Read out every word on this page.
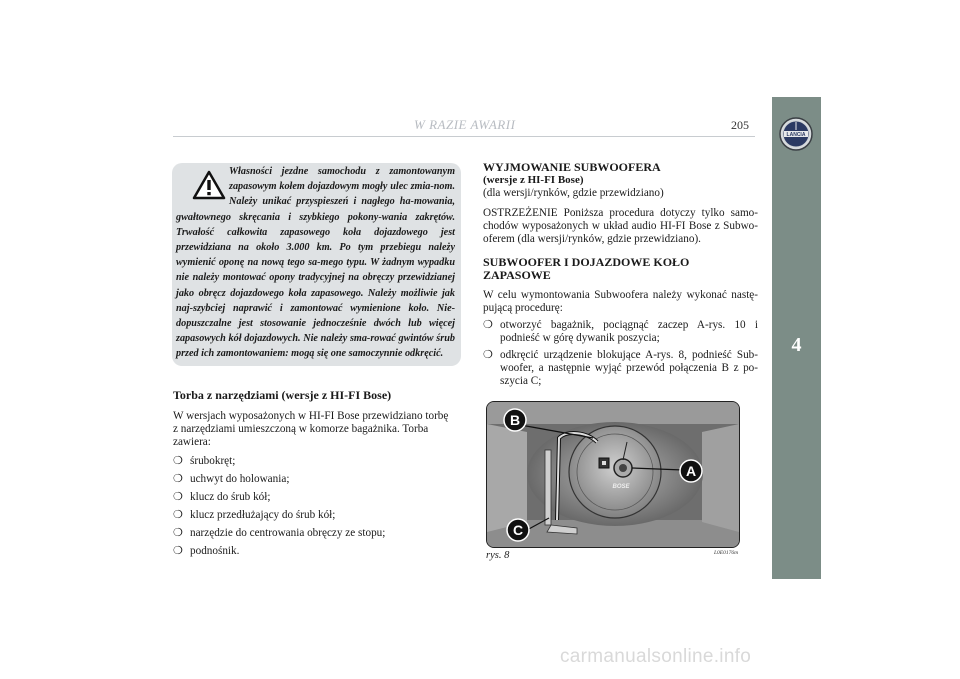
W RAZIE AWARII	205
LANCIA
4

Własności jezdne samochodu z zamontowanym zapasowym kołem dojazdowym mogły ulec zmia-nom. Należy unikać przyspieszeń i nagłego ha-mowania, gwałtownego skręcania i szybkiego pokony-wania zakrętów. Trwałość całkowita zapasowego koła dojazdowego jest przewidziana na około 3.000 km. Po tym przebiegu należy wymienić oponę na nową tego sa-mego typu. W żadnym wypadku nie należy montować opony tradycyjnej na obręczy przewidzianej jako obręcz dojazdowego koła zapasowego. Należy możliwie jak naj-szybciej naprawić i zamontować wymienione koło. Nie-dopuszczalne jest stosowanie jednocześnie dwóch lub więcej zapasowych kół dojazdowych. Nie należy sma-rować gwintów śrub przed ich zamontowaniem: mogą się one samoczynnie odkręcić.

Torba z narzędziami (wersje z HI-FI Bose)

W wersjach wyposażonych w HI-FI Bose przewidziano torbę z narzędziami umieszczoną w komorze bagażnika. Torba zawiera:

❍ śrubokręt;
❍ uchwyt do holowania;
❍ klucz do śrub kół;
❍ klucz przedłużający do śrub kół;
❍ narzędzie do centrowania obręczy ze stopu;
❍ podnośnik.

WYJMOWANIE SUBWOOFERA

(wersje z HI-FI Bose)

(dla wersji/rynków, gdzie przewidziano)

OSTRZEŻENIE Poniższa procedura dotyczy tylko samo-chodów wyposażonych w układ audio HI-FI Bose z Subwo-oferem (dla wersji/rynków, gdzie przewidziano).

SUBWOOFER I DOJAZDOWE KOŁO ZAPASOWE

W celu wymontowania Subwoofera należy wykonać nastę-pującą procedurę:

❍ otworzyć bagażnik, pociągnąć zaczep A-rys. 10 i podnieść w górę dywanik poszycia;
❍ odkręcić urządzenie blokujące A-rys. 8, podnieść Sub-woofer, a następnie wyjąć przewód połączenia B z po-szycia C;
BOSE
B
A
C
rys. 8	L0E0176m
carmanualsonline.info
